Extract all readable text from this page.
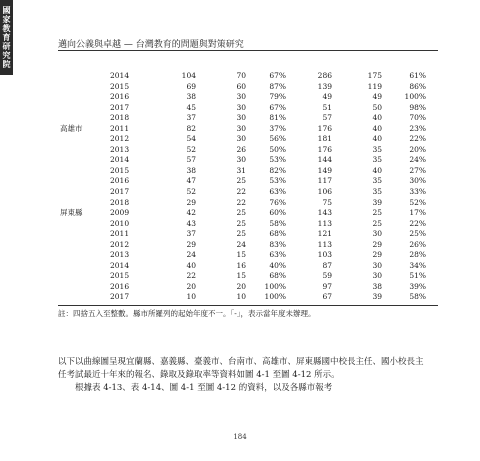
國家教育研究院	邁向公義與卓越 — 台灣教育的問題與對策研究
	2014	104	70	67%	286	175	61%
	2015	69	60	87%	139	119	86%
	2016	38	30	79%	49	49	100%
	2017	45	30	67%	51	50	98%
	2018	37	30	81%	57	40	70%
高雄市	2011	82	30	37%	176	40	23%
	2012	54	30	56%	181	40	22%
	2013	52	26	50%	176	35	20%
	2014	57	30	53%	144	35	24%
	2015	38	31	82%	149	40	27%
	2016	47	25	53%	117	35	30%
	2017	52	22	63%	106	35	33%
	2018	29	22	76%	75	39	52%
屏東縣	2009	42	25	60%	143	25	17%
	2010	43	25	58%	113	25	22%
	2011	37	25	68%	121	30	25%
	2012	29	24	83%	113	29	26%
	2013	24	15	63%	103	29	28%
	2014	40	16	40%	87	30	34%
	2015	22	15	68%	59	30	51%
	2016	20	20	100%	97	38	39%
	2017	10	10	100%	67	39	58%
註：四捨五入至整數。縣市所羅列的起始年度不一。「-」，表示當年度未辦理。

以下以曲線圖呈現宜蘭縣、嘉義縣、臺義市、台南市、高雄市、屏東縣國中校長主任、國小校長主任考試最近十年來的報名、錄取及錄取率等資料如圖 4-1 至圖 4-12 所示。

根據表 4-13、表 4-14、圖 4-1 至圖 4-12 的資料，以及各縣市報考

184
